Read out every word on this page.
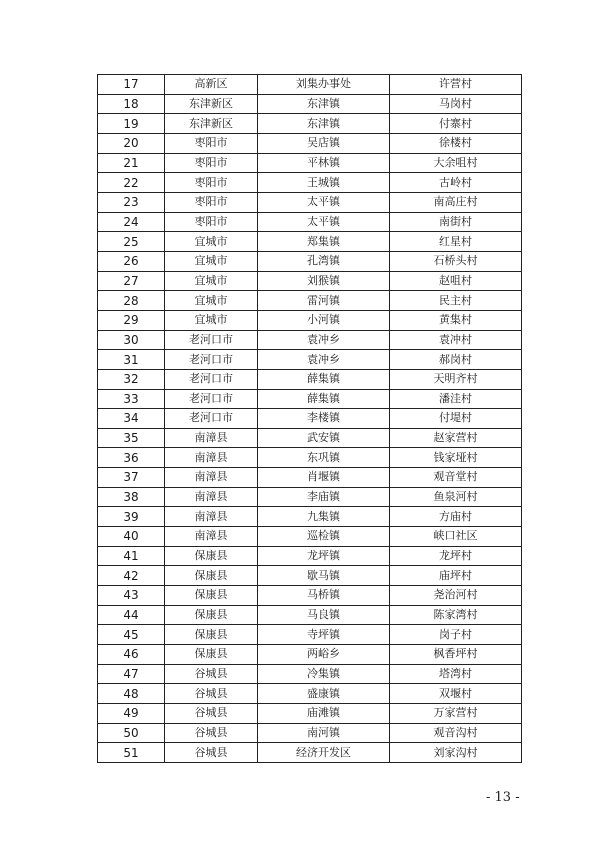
17	高新区	刘集办事处	许营村
18	东津新区	东津镇	马岗村
19	东津新区	东津镇	付寨村
20	枣阳市	吴店镇	徐楼村
21	枣阳市	平林镇	大余咀村
22	枣阳市	王城镇	古岭村
23	枣阳市	太平镇	南高庄村
24	枣阳市	太平镇	南街村
25	宜城市	郑集镇	红星村
26	宜城市	孔湾镇	石桥头村
27	宜城市	刘猴镇	赵咀村
28	宜城市	雷河镇	民主村
29	宜城市	小河镇	黄集村
30	老河口市	袁冲乡	袁冲村
31	老河口市	袁冲乡	郝岗村
32	老河口市	薛集镇	天明齐村
33	老河口市	薛集镇	潘洼村
34	老河口市	李楼镇	付堤村
35	南漳县	武安镇	赵家营村
36	南漳县	东巩镇	钱家垭村
37	南漳县	肖堰镇	观音堂村
38	南漳县	李庙镇	鱼泉河村
39	南漳县	九集镇	方庙村
40	南漳县	巡检镇	峡口社区
41	保康县	龙坪镇	龙坪村
42	保康县	歇马镇	庙坪村
43	保康县	马桥镇	尧治河村
44	保康县	马良镇	陈家湾村
45	保康县	寺坪镇	岗子村
46	保康县	两峪乡	枫香坪村
47	谷城县	冷集镇	塔湾村
48	谷城县	盛康镇	双堰村
49	谷城县	庙滩镇	万家营村
50	谷城县	南河镇	观音沟村
51	谷城县	经济开发区	刘家沟村
- 13 -
